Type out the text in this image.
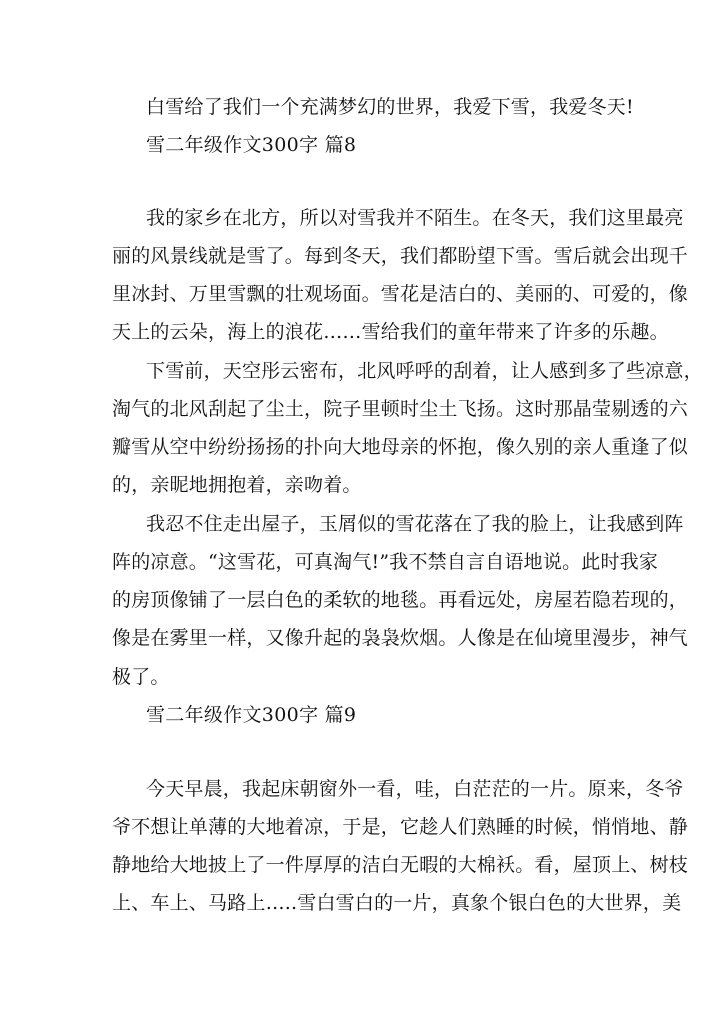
白雪给了我们一个充满梦幻的世界，我爱下雪，我爱冬天!
雪二年级作文300字 篇8
我的家乡在北方，所以对雪我并不陌生。在冬天，我们这里最亮
丽的风景线就是雪了。每到冬天，我们都盼望下雪。雪后就会出现千
里冰封、万里雪飘的壮观场面。雪花是洁白的、美丽的、可爱的，像
天上的云朵，海上的浪花……雪给我们的童年带来了许多的乐趣。
下雪前，天空彤云密布，北风呼呼的刮着，让人感到多了些凉意，
淘气的北风刮起了尘土，院子里顿时尘土飞扬。这时那晶莹剔透的六
瓣雪从空中纷纷扬扬的扑向大地母亲的怀抱，像久别的亲人重逢了似
的，亲昵地拥抱着，亲吻着。
我忍不住走出屋子，玉屑似的雪花落在了我的脸上，让我感到阵
阵的凉意。“这雪花，可真淘气!”我不禁自言自语地说。此时我家
的房顶像铺了一层白色的柔软的地毯。再看远处，房屋若隐若现的，
像是在雾里一样，又像升起的袅袅炊烟。人像是在仙境里漫步，神气
极了。
雪二年级作文300字 篇9
今天早晨，我起床朝窗外一看，哇，白茫茫的一片。原来，冬爷
爷不想让单薄的大地着凉，于是，它趁人们熟睡的时候，悄悄地、静
静地给大地披上了一件厚厚的洁白无暇的大棉袄。看，屋顶上、树枝
上、车上、马路上…..雪白雪白的一片，真象个银白色的大世界，美
